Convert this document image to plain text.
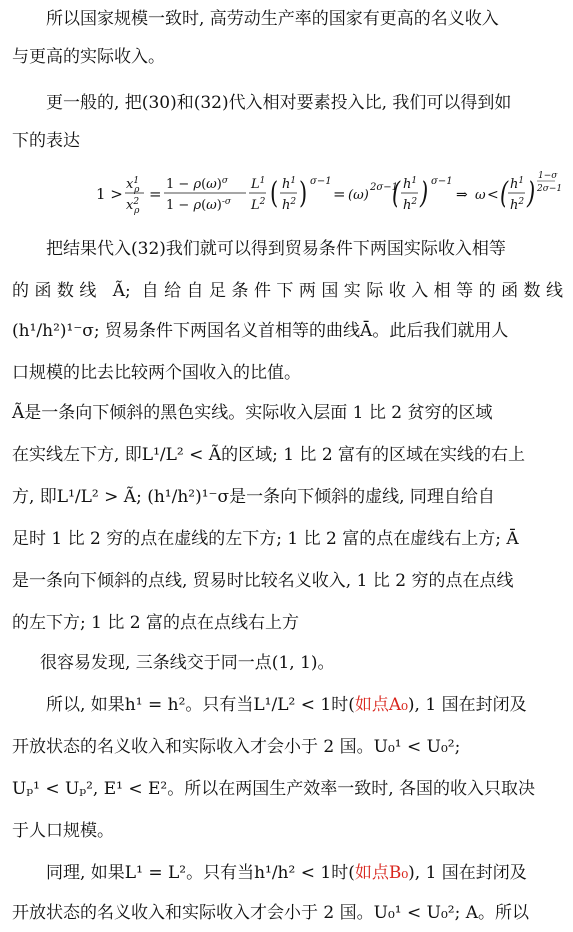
所以国家规模一致时, 高劳动生产率的国家有更高的名义收入
与更高的实际收入。
更一般的, 把(30)和(32)代入相对要素投入比, 我们可以得到如
下的表达
1 >
$x^1$ ρ
$x^2$ ρ
=
$1 - \rho(\omega)^\sigma$
$1 - \rho(\omega)^{-\sigma}$
$L^1$
$L^2$ ( $h^1$
$h^2$ ) σ−1
= (ω)
2σ−1
( $h^1$
$h^2$ ) σ−1
⇒ ω < ( $h^1$
$h^2$ )
1−σ
2σ−1
把结果代入(32)我们就可以得到贸易条件下两国实际收入相等
的函数线 Ã; 自给自足条件下两国实际收入相等的函数线
(h¹/h²)¹⁻σ; 贸易条件下两国名义首相等的曲线Ā。此后我们就用人
口规模的比去比较两个国收入的比值。
Ã是一条向下倾斜的黑色实线。实际收入层面 1 比 2 贫穷的区域
在实线左下方, 即L¹/L² < Ã的区域; 1 比 2 富有的区域在实线的右上
方, 即L¹/L² > Ã; (h¹/h²)¹⁻σ是一条向下倾斜的虚线, 同理自给自
足时 1 比 2 穷的点在虚线的左下方; 1 比 2 富的点在虚线右上方; Ā
是一条向下倾斜的点线, 贸易时比较名义收入, 1 比 2 穷的点在点线
的左下方; 1 比 2 富的点在点线右上方
很容易发现, 三条线交于同一点(1, 1)。
所以, 如果h¹ = h²。只有当L¹/L² < 1时(如点A₀), 1 国在封闭及
开放状态的名义收入和实际收入才会小于 2 国。U₀¹ < U₀²;
Uₚ¹ < Uₚ², E¹ < E²。所以在两国生产效率一致时, 各国的收入只取决
于人口规模。
同理, 如果L¹ = L²。只有当h¹/h² < 1时(如点B₀), 1 国在封闭及
开放状态的名义收入和实际收入才会小于 2 国。U₀¹ < U₀²; A。所以
